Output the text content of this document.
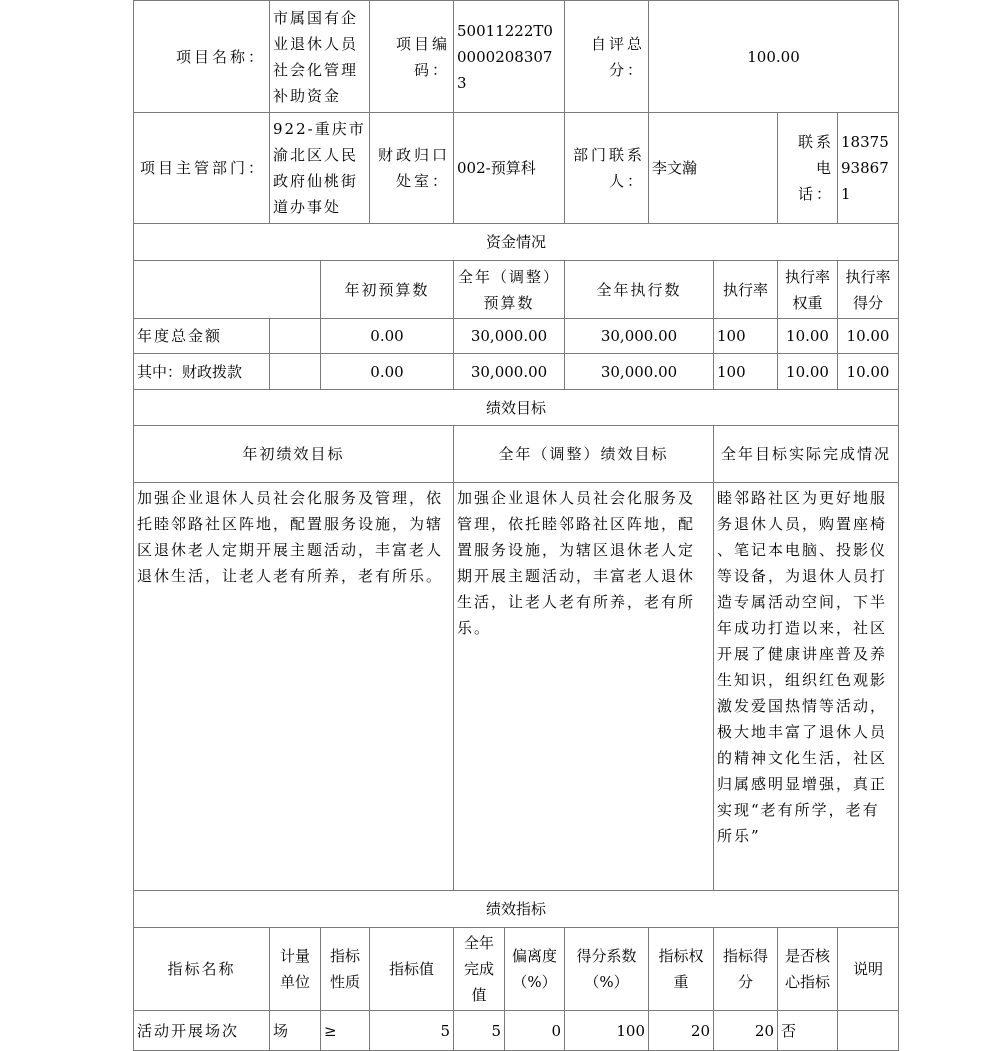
项目名称：	市属国有企业退休人员社会化管理补助资金		项目编码：	50011222T000002083073		自评总分：	100.00			
项目主管部门：	922-重庆市渝北区人民政府仙桃街道办事处		财政归口处室：	002-预算科		部门联系人：	李文瀚		联系电话：	18375938671
资金情况										
		年初预算数		全年（调整）预算数		全年执行数		执行率	执行率权重	执行率得分
年度总金额		0.00		30,000.00		30,000.00		100	10.00	10.00
其中：财政拨款		0.00		30,000.00		30,000.00		100	10.00	10.00
绩效目标										
年初绩效目标				全年（调整）绩效目标				全年目标实际完成情况		
加强企业退休人员社会化服务及管理，依托睦邻路社区阵地，配置服务设施，为辖区退休老人定期开展主题活动，丰富老人退休生活，让老人老有所养，老有所乐。				加强企业退休人员社会化服务及管理，依托睦邻路社区阵地，配置服务设施，为辖区退休老人定期开展主题活动，丰富老人退休生活，让老人老有所养，老有所乐。				睦邻路社区为更好地服务退休人员，购置座椅 、笔记本电脑、投影仪等设备，为退休人员打造专属活动空间，下半年成功打造以来，社区开展了健康讲座普及养生知识，组织红色观影激发爱国热情等活动，极大地丰富了退休人员的精神文化生活，社区归属感明显增强，真正实现“老有所学，老有所乐”		
绩效指标										
指标名称	计量单位	指标性质	指标值	全年完成值	偏离度（%）	得分系数（%）	指标权重	指标得分	是否核心指标	说明
活动开展场次	场	≥	5	5	0	100	20	20	否	
